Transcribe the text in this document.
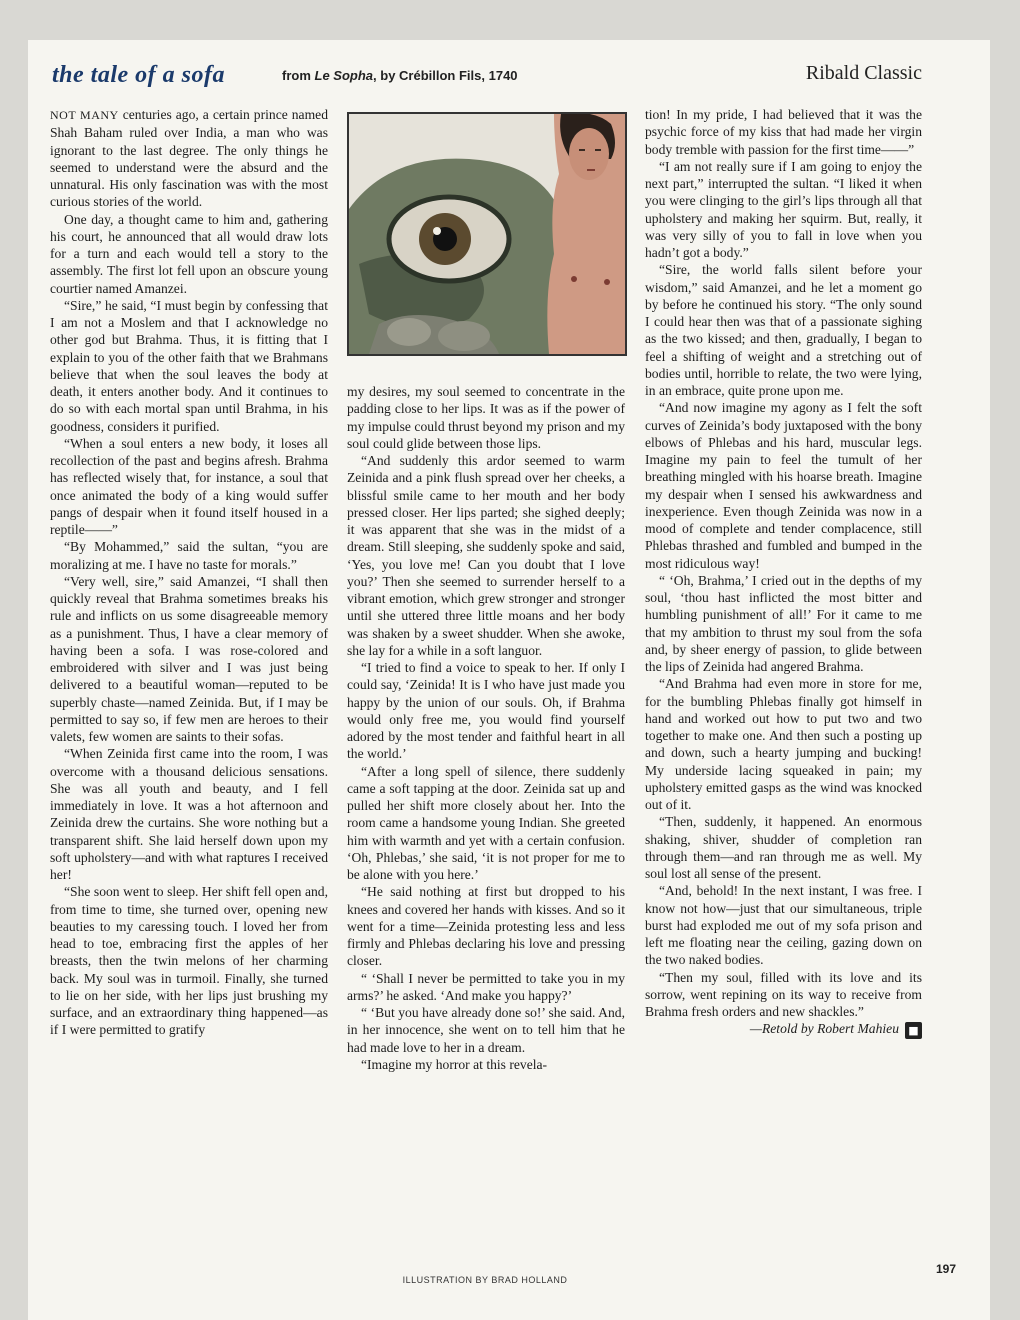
the tale of a sofa	from Le Sopha, by Crébillon Fils, 1740	Ribald Classic

NOT MANY centuries ago, a certain prince named Shah Baham ruled over India, a man who was ignorant to the last degree. The only things he seemed to understand were the absurd and the unnatural. His only fascination was with the most curious stories of the world.

One day, a thought came to him and, gathering his court, he announced that all would draw lots for a turn and each would tell a story to the assembly. The first lot fell upon an obscure young courtier named Amanzei.

“Sire,” he said, “I must begin by confessing that I am not a Moslem and that I acknowledge no other god but Brahma. Thus, it is fitting that I explain to you of the other faith that we Brahmans believe that when the soul leaves the body at death, it enters another body. And it continues to do so with each mortal span until Brahma, in his goodness, considers it purified.

“When a soul enters a new body, it loses all recollection of the past and begins afresh. Brahma has reflected wisely that, for instance, a soul that once animated the body of a king would suffer pangs of despair when it found itself housed in a reptile——”

“By Mohammed,” said the sultan, “you are moralizing at me. I have no taste for morals.”

“Very well, sire,” said Amanzei, “I shall then quickly reveal that Brahma sometimes breaks his rule and inflicts on us some disagreeable memory as a punishment. Thus, I have a clear memory of having been a sofa. I was rose-colored and embroidered with silver and I was just being delivered to a beautiful woman—reputed to be superbly chaste—named Zeinida. But, if I may be permitted to say so, if few men are heroes to their valets, few women are saints to their sofas.

“When Zeinida first came into the room, I was overcome with a thousand delicious sensations. She was all youth and beauty, and I fell immediately in love. It was a hot afternoon and Zeinida drew the curtains. She wore nothing but a transparent shift. She laid herself down upon my soft upholstery—and with what raptures I received her!

“She soon went to sleep. Her shift fell open and, from time to time, she turned over, opening new beauties to my caressing touch. I loved her from head to toe, embracing first the apples of her breasts, then the twin melons of her charming back. My soul was in turmoil. Finally, she turned to lie on her side, with her lips just brushing my surface, and an extraordinary thing happened—as if I were permitted to gratify

my desires, my soul seemed to concentrate in the padding close to her lips. It was as if the power of my impulse could thrust beyond my prison and my soul could glide between those lips.

“And suddenly this ardor seemed to warm Zeinida and a pink flush spread over her cheeks, a blissful smile came to her mouth and her body pressed closer. Her lips parted; she sighed deeply; it was apparent that she was in the midst of a dream. Still sleeping, she suddenly spoke and said, ‘Yes, you love me! Can you doubt that I love you?’ Then she seemed to surrender herself to a vibrant emotion, which grew stronger and stronger until she uttered three little moans and her body was shaken by a sweet shudder. When she awoke, she lay for a while in a soft languor.

“I tried to find a voice to speak to her. If only I could say, ‘Zeinida! It is I who have just made you happy by the union of our souls. Oh, if Brahma would only free me, you would find yourself adored by the most tender and faithful heart in all the world.’

“After a long spell of silence, there suddenly came a soft tapping at the door. Zeinida sat up and pulled her shift more closely about her. Into the room came a handsome young Indian. She greeted him with warmth and yet with a certain confusion. ‘Oh, Phlebas,’ she said, ‘it is not proper for me to be alone with you here.’

“He said nothing at first but dropped to his knees and covered her hands with kisses. And so it went for a time—Zeinida protesting less and less firmly and Phlebas declaring his love and pressing closer.

“ ‘Shall I never be permitted to take you in my arms?’ he asked. ‘And make you happy?’

“ ‘But you have already done so!’ she said. And, in her innocence, she went on to tell him that he had made love to her in a dream.

“Imagine my horror at this revela-

tion! In my pride, I had believed that it was the psychic force of my kiss that had made her virgin body tremble with passion for the first time——”

“I am not really sure if I am going to enjoy the next part,” interrupted the sultan. “I liked it when you were clinging to the girl’s lips through all that upholstery and making her squirm. But, really, it was very silly of you to fall in love when you hadn’t got a body.”

“Sire, the world falls silent before your wisdom,” said Amanzei, and he let a moment go by before he continued his story. “The only sound I could hear then was that of a passionate sighing as the two kissed; and then, gradually, I began to feel a shifting of weight and a stretching out of bodies until, horrible to relate, the two were lying, in an embrace, quite prone upon me.

“And now imagine my agony as I felt the soft curves of Zeinida’s body juxtaposed with the bony elbows of Phlebas and his hard, muscular legs. Imagine my pain to feel the tumult of her breathing mingled with his hoarse breath. Imagine my despair when I sensed his awkwardness and inexperience. Even though Zeinida was now in a mood of complete and tender complacence, still Phlebas thrashed and fumbled and bumped in the most ridiculous way!

“ ‘Oh, Brahma,’ I cried out in the depths of my soul, ‘thou hast inflicted the most bitter and humbling punishment of all!’ For it came to me that my ambition to thrust my soul from the sofa and, by sheer energy of passion, to glide between the lips of Zeinida had angered Brahma.

“And Brahma had even more in store for me, for the bumbling Phlebas finally got himself in hand and worked out how to put two and two together to make one. And then such a posting up and down, such a hearty jumping and bucking! My underside lacing squeaked in pain; my upholstery emitted gasps as the wind was knocked out of it.

“Then, suddenly, it happened. An enormous shaking, shiver, shudder of completion ran through them—and ran through me as well. My soul lost all sense of the present.

“And, behold! In the next instant, I was free. I know not how—just that our simultaneous, triple burst had exploded me out of my sofa prison and left me floating near the ceiling, gazing down on the two naked bodies.

“Then my soul, filled with its love and its sorrow, went repining on its way to receive from Brahma fresh orders and new shackles.”

—Retold by Robert Mahieu ■

ILLUSTRATION BY BRAD HOLLAND
197
